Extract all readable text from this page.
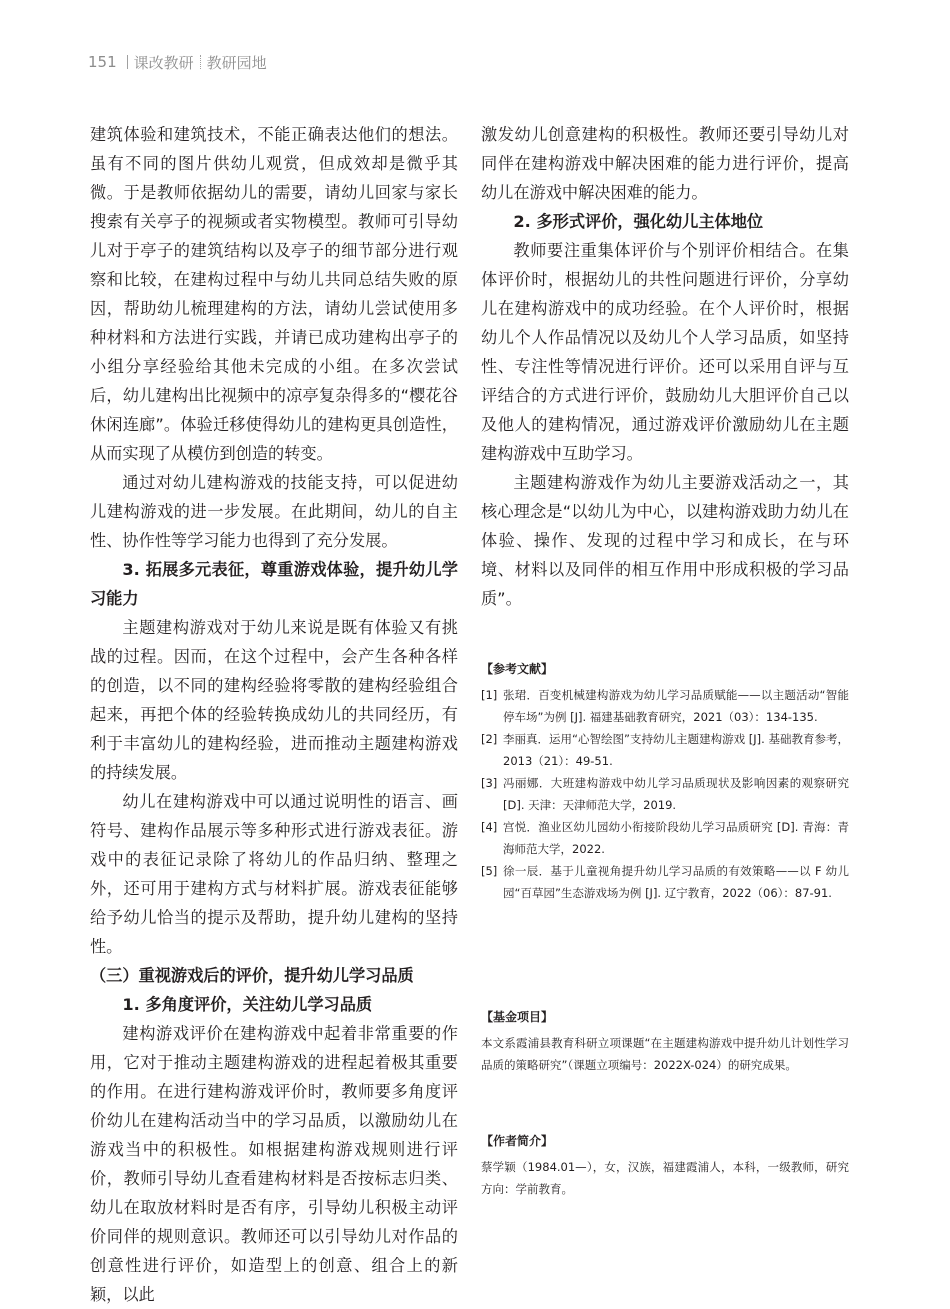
151 课改教研 教研园地

建筑体验和建筑技术，不能正确表达他们的想法。虽有不同的图片供幼儿观赏，但成效却是微乎其微。于是教师依据幼儿的需要，请幼儿回家与家长搜索有关亭子的视频或者实物模型。教师可引导幼儿对于亭子的建筑结构以及亭子的细节部分进行观察和比较，在建构过程中与幼儿共同总结失败的原因，帮助幼儿梳理建构的方法，请幼儿尝试使用多种材料和方法进行实践，并请已成功建构出亭子的小组分享经验给其他未完成的小组。在多次尝试后，幼儿建构出比视频中的凉亭复杂得多的“樱花谷休闲连廊”。体验迁移使得幼儿的建构更具创造性，从而实现了从模仿到创造的转变。

通过对幼儿建构游戏的技能支持，可以促进幼儿建构游戏的进一步发展。在此期间，幼儿的自主性、协作性等学习能力也得到了充分发展。

3. 拓展多元表征，尊重游戏体验，提升幼儿学习能力

主题建构游戏对于幼儿来说是既有体验又有挑战的过程。因而，在这个过程中，会产生各种各样的创造，以不同的建构经验将零散的建构经验组合起来，再把个体的经验转换成幼儿的共同经历，有利于丰富幼儿的建构经验，进而推动主题建构游戏的持续发展。

幼儿在建构游戏中可以通过说明性的语言、画符号、建构作品展示等多种形式进行游戏表征。游戏中的表征记录除了将幼儿的作品归纳、整理之外，还可用于建构方式与材料扩展。游戏表征能够给予幼儿恰当的提示及帮助，提升幼儿建构的坚持性。

（三）重视游戏后的评价，提升幼儿学习品质

1. 多角度评价，关注幼儿学习品质

建构游戏评价在建构游戏中起着非常重要的作用，它对于推动主题建构游戏的进程起着极其重要的作用。在进行建构游戏评价时，教师要多角度评价幼儿在建构活动当中的学习品质，以激励幼儿在游戏当中的积极性。如根据建构游戏规则进行评价，教师引导幼儿查看建构材料是否按标志归类、幼儿在取放材料时是否有序，引导幼儿积极主动评价同伴的规则意识。教师还可以引导幼儿对作品的创意性进行评价，如造型上的创意、组合上的新颖，以此

激发幼儿创意建构的积极性。教师还要引导幼儿对同伴在建构游戏中解决困难的能力进行评价，提高幼儿在游戏中解决困难的能力。

2. 多形式评价，强化幼儿主体地位

教师要注重集体评价与个别评价相结合。在集体评价时，根据幼儿的共性问题进行评价，分享幼儿在建构游戏中的成功经验。在个人评价时，根据幼儿个人作品情况以及幼儿个人学习品质，如坚持性、专注性等情况进行评价。还可以采用自评与互评结合的方式进行评价，鼓励幼儿大胆评价自己以及他人的建构情况，通过游戏评价激励幼儿在主题建构游戏中互助学习。

主题建构游戏作为幼儿主要游戏活动之一，其核心理念是“以幼儿为中心，以建构游戏助力幼儿在体验、操作、发现的过程中学习和成长，在与环境、材料以及同伴的相互作用中形成积极的学习品质”。

【参考文献】
[1] 张珺．百变机械建构游戏为幼儿学习品质赋能——以主题活动“智能停车场”为例 [J]. 福建基础教育研究，2021（03）：134-135.
[2] 李丽真．运用“心智绘图”支持幼儿主题建构游戏 [J]. 基础教育参考，2013（21）：49-51.
[3] 冯丽娜．大班建构游戏中幼儿学习品质现状及影响因素的观察研究 [D]. 天津：天津师范大学，2019.
[4] 宫悦．渔业区幼儿园幼小衔接阶段幼儿学习品质研究 [D]. 青海：青海师范大学，2022.
[5] 徐一辰．基于儿童视角提升幼儿学习品质的有效策略——以 F 幼儿园“百草园”生态游戏场为例 [J]. 辽宁教育，2022（06）：87-91.
【基金项目】
本文系霞浦县教育科研立项课题“在主题建构游戏中提升幼儿计划性学习品质的策略研究”（课题立项编号：2022X-024）的研究成果。
【作者简介】
蔡学颖（1984.01—），女，汉族，福建霞浦人，本科，一级教师，研究方向：学前教育。
